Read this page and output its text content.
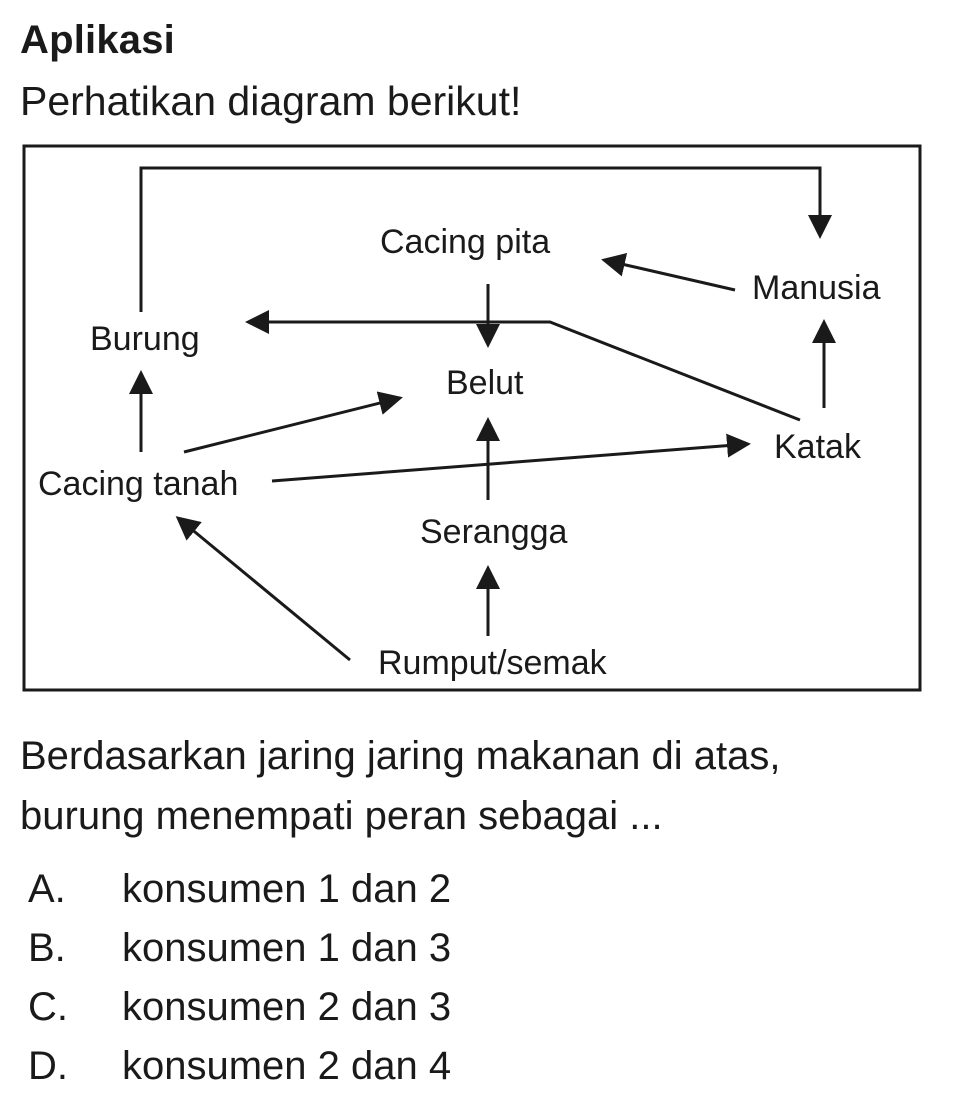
Aplikasi
Perhatikan diagram berikut!
Cacing pita
Manusia
Burung
Belut
Katak
Cacing tanah
Serangga
Rumput/semak

Berdasarkan jaring jaring makanan di atas,

burung menempati peran sebagai ...

A. konsumen 1 dan 2
B. konsumen 1 dan 3
C. konsumen 2 dan 3
D. konsumen 2 dan 4
